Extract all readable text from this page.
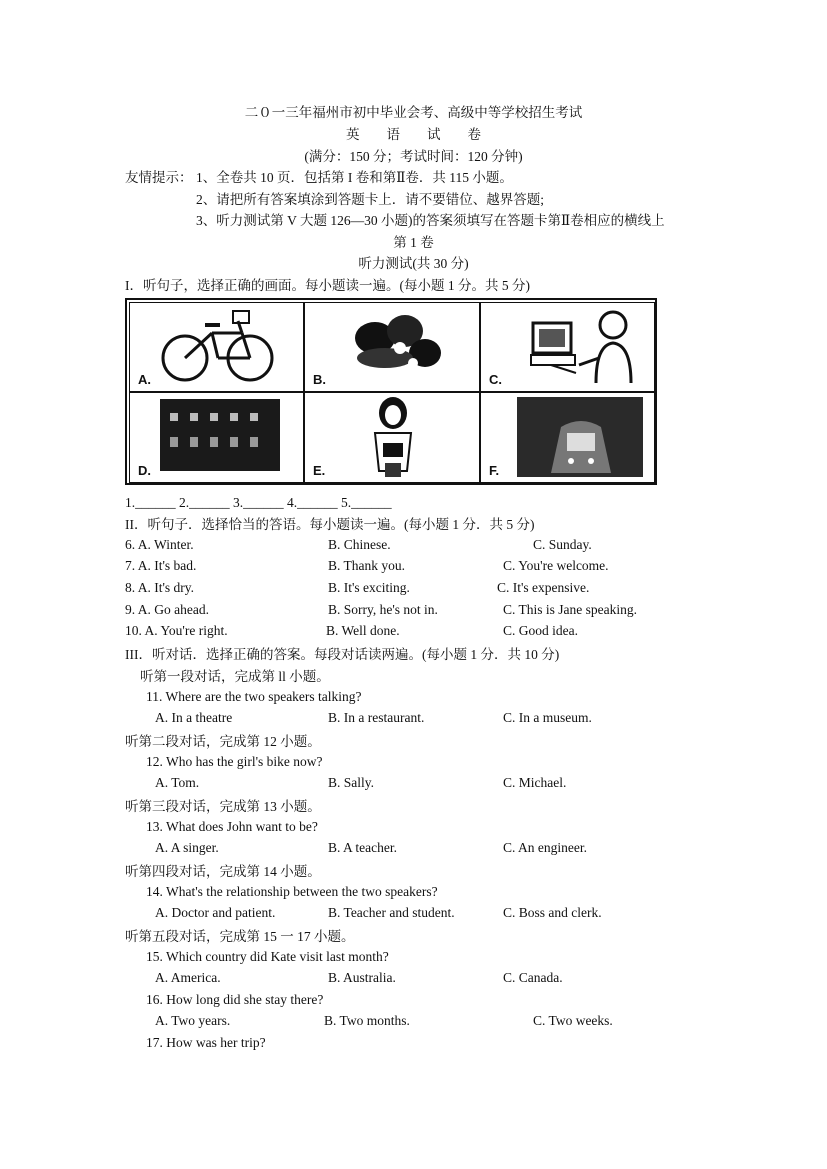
二０一三年福州市初中毕业会考、高级中等学校招生考试
英　　语　　试　　卷
(满分：150 分；考试时间：120 分钟)
友情提示： 1、全卷共 10 页．包括第 I 卷和第Ⅱ卷．共 115 小题。
2、请把所有答案填涂到答题卡上．请不要错位、越界答题;
3、听力测试第 V 大题 126—30 小题)的答案须填写在答题卡第Ⅱ卷相应的横线上
第 1 卷
听力测试(共 30 分)
I．听句子，选择正确的画面。每小题读一遍。(每小题 1 分。共 5 分)
A.	B.	C.
D.	E.	F.
1.______ 2.______ 3.______ 4.______ 5.______
II．听句子．选择恰当的答语。每小题读一遍。(每小题 1 分．共 5 分)
6. A. Winter.	B. Chinese.	C. Sunday.
7. A. It's bad.	B. Thank you.	C. You're welcome.
8. A. It's dry.	B. It's exciting.	C. It's expensive.
9. A. Go ahead.	B. Sorry, he's not in.	C. This is Jane speaking.
10. A. You're right.	B. Well done.	C. Good idea.
III．听对话．选择正确的答案。每段对话读两遍。(每小题 1 分．共 10 分)
听第一段对话，完成第 ll 小题。
11. Where are the two speakers talking?
A. In a theatre	B. In a restaurant.	C. In a museum.
听第二段对话，完成第 12 小题。
12. Who has the girl's bike now?
A. Tom.	B. Sally.	C. Michael.
听第三段对话，完成第 13 小题。
13. What does John want to be?
A. A singer.	B. A teacher.	C. An engineer.
听第四段对话，完成第 14 小题。
14. What's the relationship between the two speakers?
A. Doctor and patient.	B. Teacher and student.	C. Boss and clerk.
听第五段对话，完成第 15 一 17 小题。
15. Which country did Kate visit last month?
A. America.	B. Australia.	C. Canada.
16. How long did she stay there?
A. Two years.	B. Two months.	C. Two weeks.
17. How was her trip?
